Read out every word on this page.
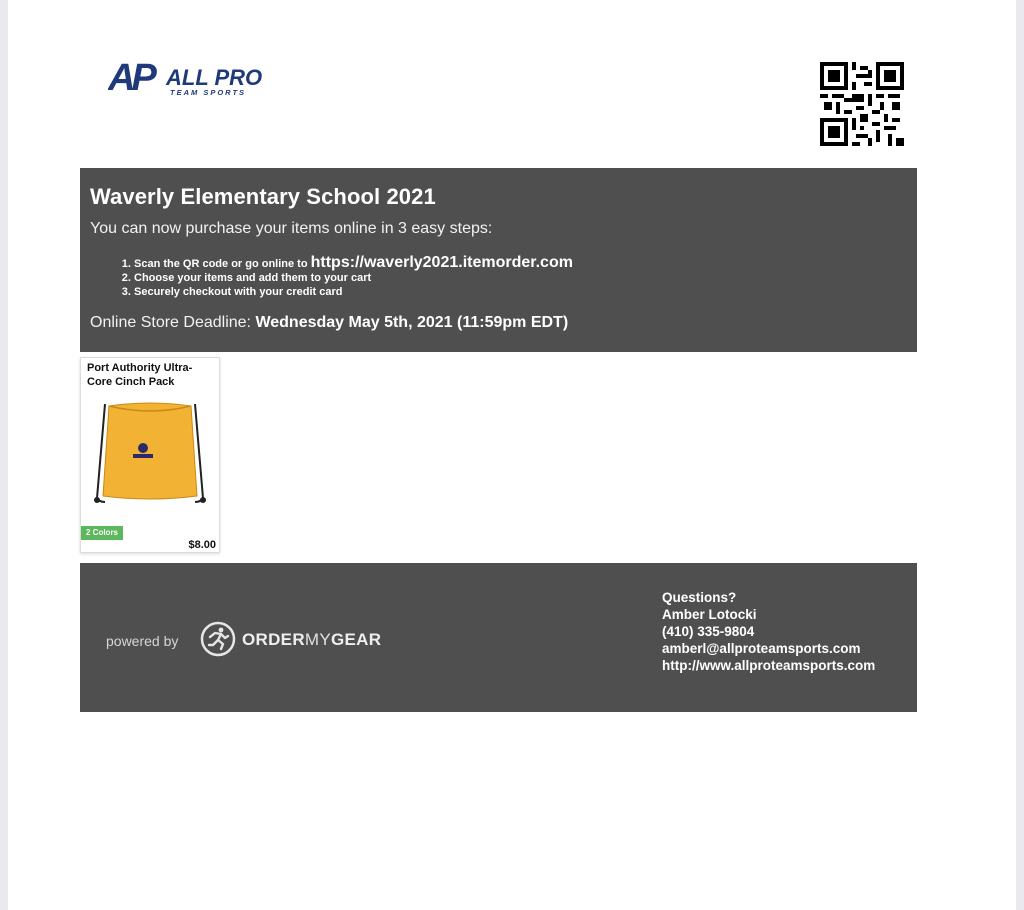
AP ALL PRO
TEAM SPORTS
Waverly Elementary School 2021
You can now purchase your items online in 3 easy steps:
1. Scan the QR code or go online to https://waverly2021.itemorder.com
2. Choose your items and add them to your cart
3. Securely checkout with your credit card
Online Store Deadline: Wednesday May 5th, 2021 (11:59pm EDT)
Port Authority Ultra-Core Cinch Pack
2 Colors
$8.00
powered by	ORDERMYGEAR
Questions?
Amber Lotocki
(410) 335-9804
amberl@allproteamsports.com
http://www.allproteamsports.com
